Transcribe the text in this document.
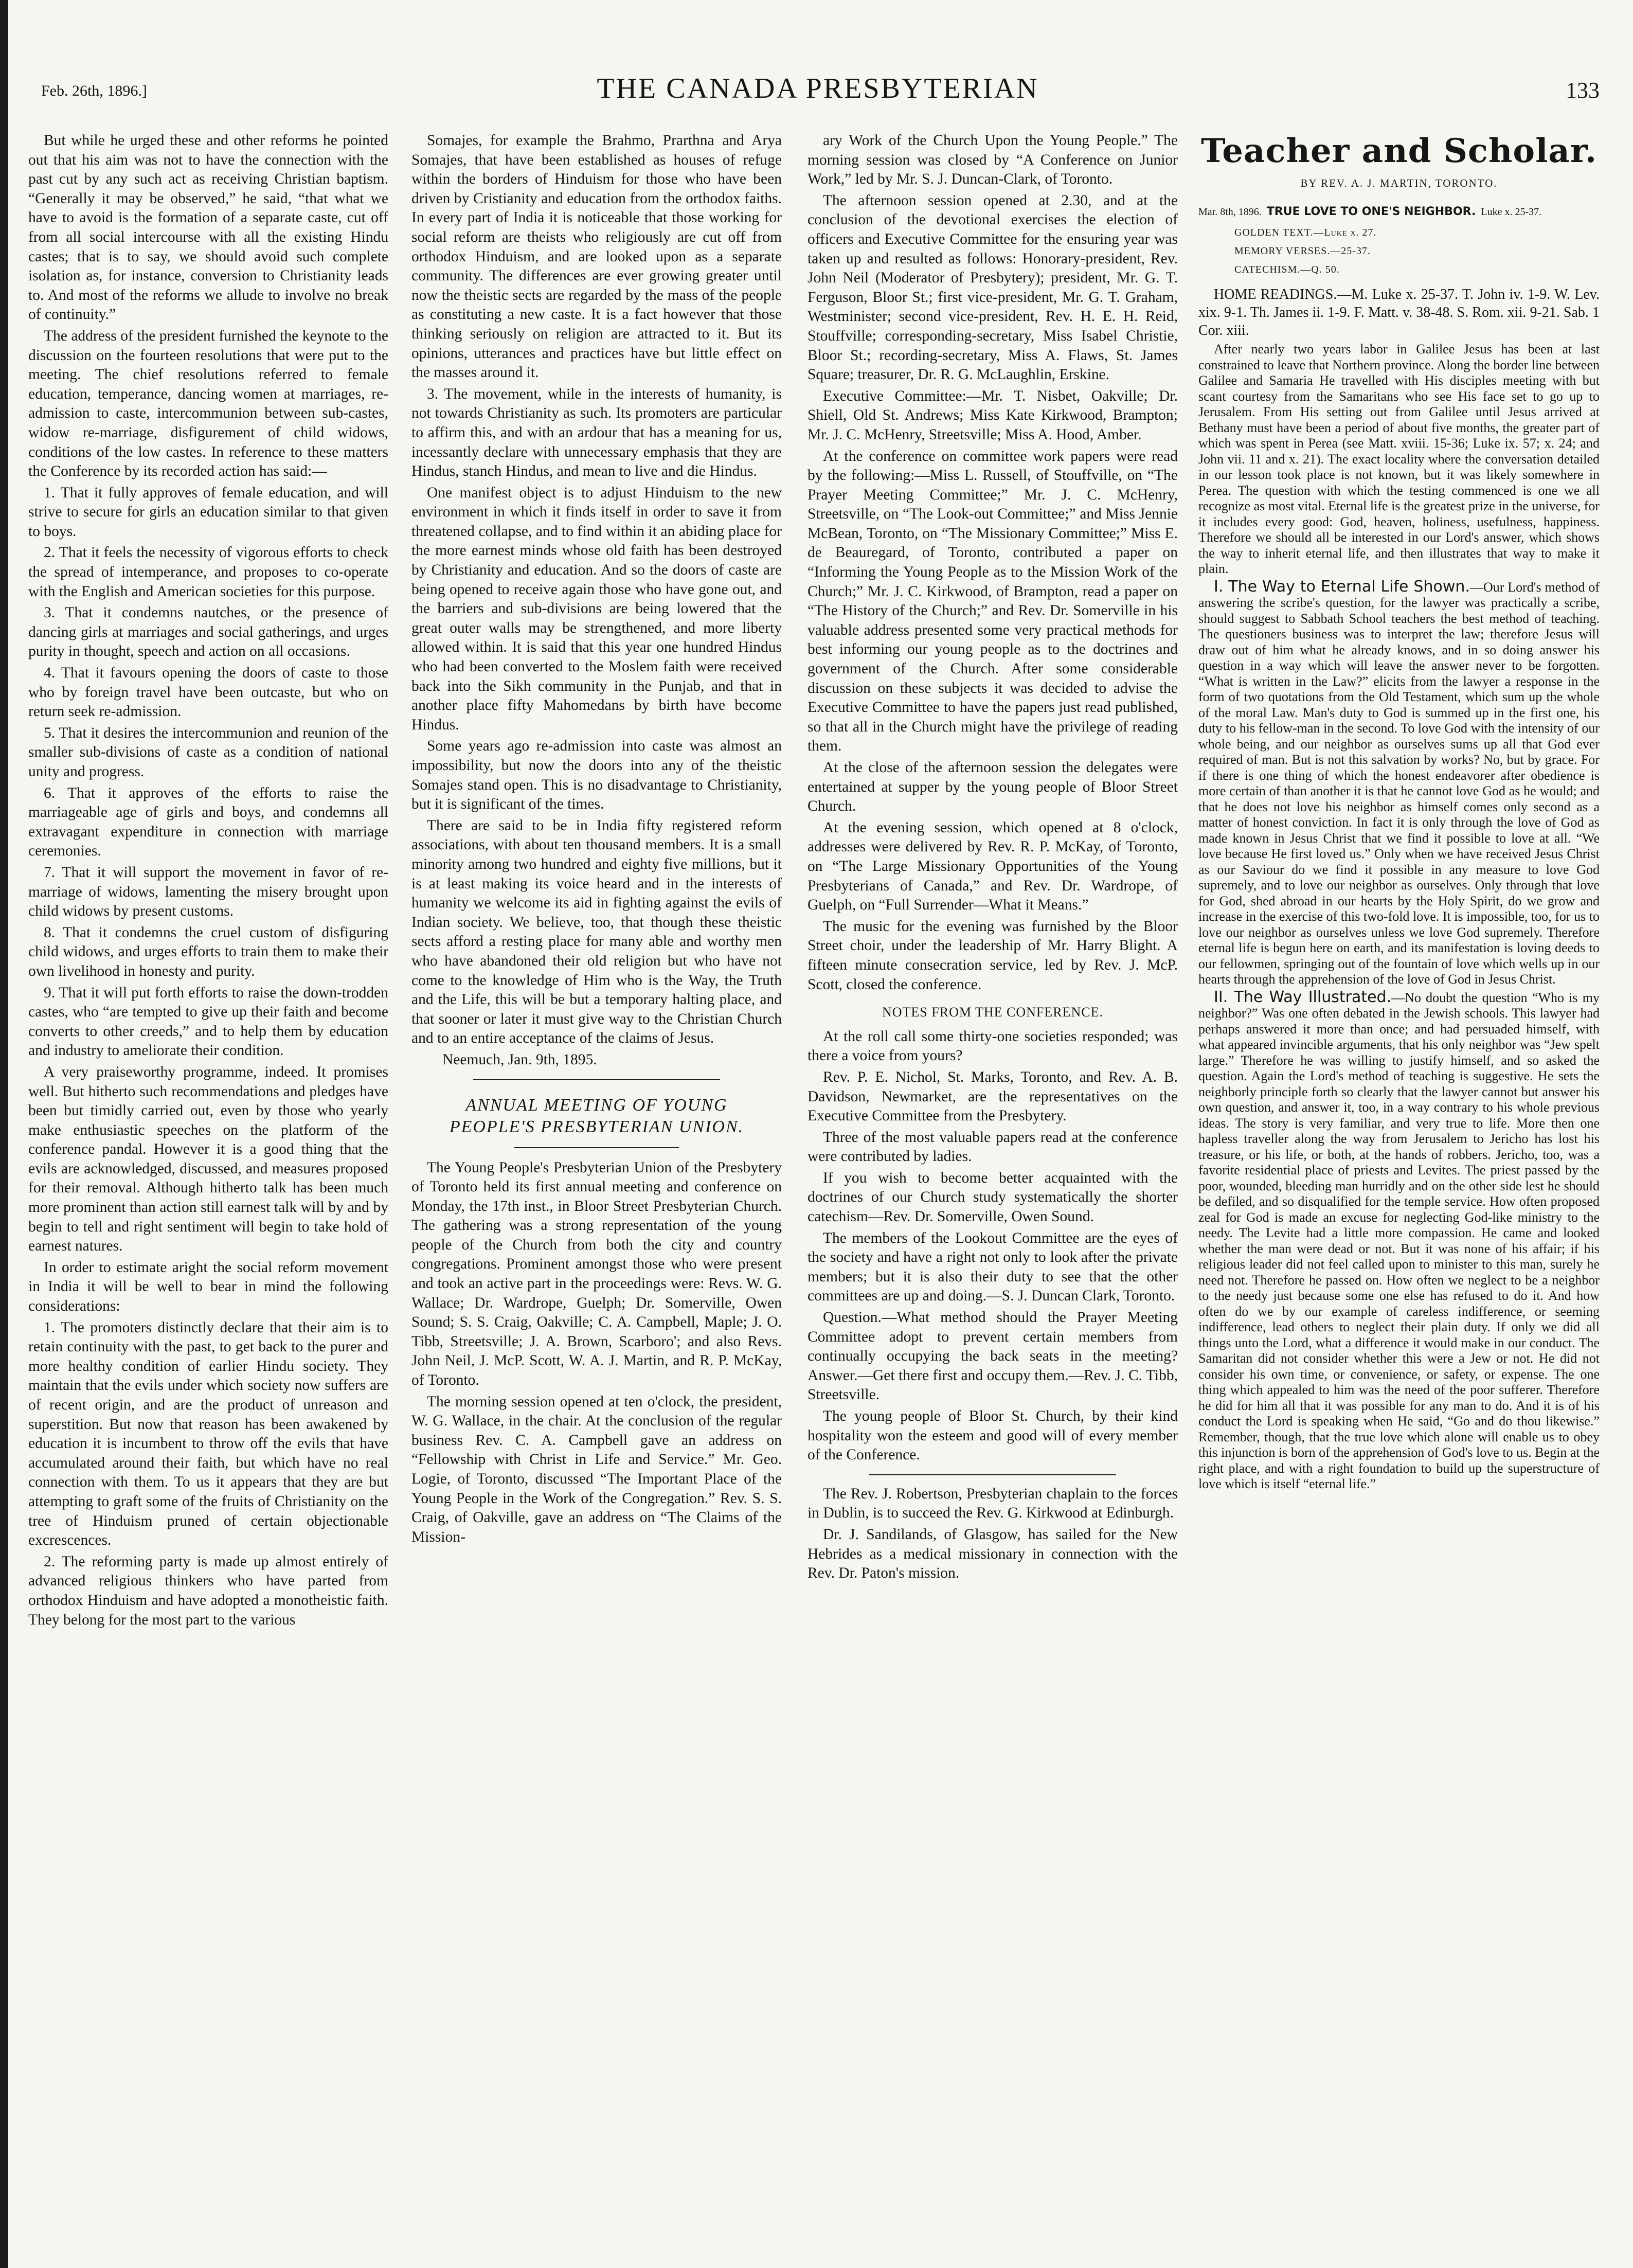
Feb. 26th, 1896.]	THE CANADA PRESBYTERIAN	133

But while he urged these and other reforms he pointed out that his aim was not to have the connection with the past cut by any such act as receiving Christian baptism. “Generally it may be observed,” he said, “that what we have to avoid is the formation of a separate caste, cut off from all social intercourse with all the existing Hindu castes; that is to say, we should avoid such complete isolation as, for instance, conversion to Christianity leads to. And most of the reforms we allude to involve no break of continuity.”

The address of the president furnished the keynote to the discussion on the fourteen resolutions that were put to the meeting. The chief resolutions referred to female education, temperance, dancing women at marriages, re-admission to caste, intercommunion between sub-castes, widow re-marriage, disfigurement of child widows, conditions of the low castes. In reference to these matters the Conference by its recorded action has said:—

1. That it fully approves of female education, and will strive to secure for girls an education similar to that given to boys.

2. That it feels the necessity of vigorous efforts to check the spread of intemperance, and proposes to co-operate with the English and American societies for this purpose.

3. That it condemns nautches, or the presence of dancing girls at marriages and social gatherings, and urges purity in thought, speech and action on all occasions.

4. That it favours opening the doors of caste to those who by foreign travel have been outcaste, but who on return seek re-admission.

5. That it desires the intercommunion and reunion of the smaller sub-divisions of caste as a condition of national unity and progress.

6. That it approves of the efforts to raise the marriageable age of girls and boys, and condemns all extravagant expenditure in connection with marriage ceremonies.

7. That it will support the movement in favor of re-marriage of widows, lamenting the misery brought upon child widows by present customs.

8. That it condemns the cruel custom of disfiguring child widows, and urges efforts to train them to make their own livelihood in honesty and purity.

9. That it will put forth efforts to raise the down-trodden castes, who “are tempted to give up their faith and become converts to other creeds,” and to help them by education and industry to ameliorate their condition.

A very praiseworthy programme, indeed. It promises well. But hitherto such recommendations and pledges have been but timidly carried out, even by those who yearly make enthusiastic speeches on the platform of the conference pandal. However it is a good thing that the evils are acknowledged, discussed, and measures proposed for their removal. Although hitherto talk has been much more prominent than action still earnest talk will by and by begin to tell and right sentiment will begin to take hold of earnest natures.

In order to estimate aright the social reform movement in India it will be well to bear in mind the following considerations:

1. The promoters distinctly declare that their aim is to retain continuity with the past, to get back to the purer and more healthy condition of earlier Hindu society. They maintain that the evils under which society now suffers are of recent origin, and are the product of unreason and superstition. But now that reason has been awakened by education it is incumbent to throw off the evils that have accumulated around their faith, but which have no real connection with them. To us it appears that they are but attempting to graft some of the fruits of Christianity on the tree of Hinduism pruned of certain objectionable excrescences.

2. The reforming party is made up almost entirely of advanced religious thinkers who have parted from orthodox Hinduism and have adopted a monotheistic faith. They belong for the most part to the various

Somajes, for example the Brahmo, Prarthna and Arya Somajes, that have been established as houses of refuge within the borders of Hinduism for those who have been driven by Cristianity and education from the orthodox faiths. In every part of India it is noticeable that those working for social reform are theists who religiously are cut off from orthodox Hinduism, and are looked upon as a separate community. The differences are ever growing greater until now the theistic sects are regarded by the mass of the people as constituting a new caste. It is a fact however that those thinking seriously on religion are attracted to it. But its opinions, utterances and practices have but little effect on the masses around it.

3. The movement, while in the interests of humanity, is not towards Christianity as such. Its promoters are particular to affirm this, and with an ardour that has a meaning for us, incessantly declare with unnecessary emphasis that they are Hindus, stanch Hindus, and mean to live and die Hindus.

One manifest object is to adjust Hinduism to the new environment in which it finds itself in order to save it from threatened collapse, and to find within it an abiding place for the more earnest minds whose old faith has been destroyed by Christianity and education. And so the doors of caste are being opened to receive again those who have gone out, and the barriers and sub-divisions are being lowered that the great outer walls may be strengthened, and more liberty allowed within. It is said that this year one hundred Hindus who had been converted to the Moslem faith were received back into the Sikh community in the Punjab, and that in another place fifty Mahomedans by birth have become Hindus.

Some years ago re-admission into caste was almost an impossibility, but now the doors into any of the theistic Somajes stand open. This is no disadvantage to Christianity, but it is significant of the times.

There are said to be in India fifty registered reform associations, with about ten thousand members. It is a small minority among two hundred and eighty five millions, but it is at least making its voice heard and in the interests of humanity we welcome its aid in fighting against the evils of Indian society. We believe, too, that though these theistic sects afford a resting place for many able and worthy men who have abandoned their old religion but who have not come to the knowledge of Him who is the Way, the Truth and the Life, this will be but a temporary halting place, and that sooner or later it must give way to the Christian Church and to an entire acceptance of the claims of Jesus.

Neemuch, Jan. 9th, 1895.

ANNUAL MEETING OF YOUNG PEOPLE'S PRESBYTERIAN UNION.

The Young People's Presbyterian Union of the Presbytery of Toronto held its first annual meeting and conference on Monday, the 17th inst., in Bloor Street Presbyterian Church. The gathering was a strong representation of the young people of the Church from both the city and country congregations. Prominent amongst those who were present and took an active part in the proceedings were: Revs. W. G. Wallace; Dr. Wardrope, Guelph; Dr. Somerville, Owen Sound; S. S. Craig, Oakville; C. A. Campbell, Maple; J. O. Tibb, Streetsville; J. A. Brown, Scarboro'; and also Revs. John Neil, J. McP. Scott, W. A. J. Martin, and R. P. McKay, of Toronto.

The morning session opened at ten o'clock, the president, W. G. Wallace, in the chair. At the conclusion of the regular business Rev. C. A. Campbell gave an address on “Fellowship with Christ in Life and Service.” Mr. Geo. Logie, of Toronto, discussed “The Important Place of the Young People in the Work of the Congregation.” Rev. S. S. Craig, of Oakville, gave an address on “The Claims of the Mission-

ary Work of the Church Upon the Young People.” The morning session was closed by “A Conference on Junior Work,” led by Mr. S. J. Duncan-Clark, of Toronto.

The afternoon session opened at 2.30, and at the conclusion of the devotional exercises the election of officers and Executive Committee for the ensuring year was taken up and resulted as follows: Honorary-president, Rev. John Neil (Moderator of Presbytery); president, Mr. G. T. Ferguson, Bloor St.; first vice-president, Mr. G. T. Graham, Westminister; second vice-president, Rev. H. E. H. Reid, Stouffville; corresponding-secretary, Miss Isabel Christie, Bloor St.; recording-secretary, Miss A. Flaws, St. James Square; treasurer, Dr. R. G. McLaughlin, Erskine.

Executive Committee:—Mr. T. Nisbet, Oakville; Dr. Shiell, Old St. Andrews; Miss Kate Kirkwood, Brampton; Mr. J. C. McHenry, Streetsville; Miss A. Hood, Amber.

At the conference on committee work papers were read by the following:—Miss L. Russell, of Stouffville, on “The Prayer Meeting Committee;” Mr. J. C. McHenry, Streetsville, on “The Look-out Committee;” and Miss Jennie McBean, Toronto, on “The Missionary Committee;” Miss E. de Beauregard, of Toronto, contributed a paper on “Informing the Young People as to the Mission Work of the Church;” Mr. J. C. Kirkwood, of Brampton, read a paper on “The History of the Church;” and Rev. Dr. Somerville in his valuable address presented some very practical methods for best informing our young people as to the doctrines and government of the Church. After some considerable discussion on these subjects it was decided to advise the Executive Committee to have the papers just read published, so that all in the Church might have the privilege of reading them.

At the close of the afternoon session the delegates were entertained at supper by the young people of Bloor Street Church.

At the evening session, which opened at 8 o'clock, addresses were delivered by Rev. R. P. McKay, of Toronto, on “The Large Missionary Opportunities of the Young Presbyterians of Canada,” and Rev. Dr. Wardrope, of Guelph, on “Full Surrender—What it Means.”

The music for the evening was furnished by the Bloor Street choir, under the leadership of Mr. Harry Blight. A fifteen minute consecration service, led by Rev. J. McP. Scott, closed the conference.

NOTES FROM THE CONFERENCE.

At the roll call some thirty-one societies responded; was there a voice from yours?

Rev. P. E. Nichol, St. Marks, Toronto, and Rev. A. B. Davidson, Newmarket, are the representatives on the Executive Committee from the Presbytery.

Three of the most valuable papers read at the conference were contributed by ladies.

If you wish to become better acquainted with the doctrines of our Church study systematically the shorter catechism—Rev. Dr. Somerville, Owen Sound.

The members of the Lookout Committee are the eyes of the society and have a right not only to look after the private members; but it is also their duty to see that the other committees are up and doing.—S. J. Duncan Clark, Toronto.

Question.—What method should the Prayer Meeting Committee adopt to prevent certain members from continually occupying the back seats in the meeting? Answer.—Get there first and occupy them.—Rev. J. C. Tibb, Streetsville.

The young people of Bloor St. Church, by their kind hospitality won the esteem and good will of every member of the Conference.

The Rev. J. Robertson, Presbyterian chaplain to the forces in Dublin, is to succeed the Rev. G. Kirkwood at Edinburgh.

Dr. J. Sandilands, of Glasgow, has sailed for the New Hebrides as a medical missionary in connection with the Rev. Dr. Paton's mission.

Teacher and Scholar.

BY REV. A. J. MARTIN, TORONTO.

Mar. 8th, 1896. TRUE LOVE TO ONE'S NEIGHBOR. Luke x. 25-37.

GOLDEN TEXT.—Luke x. 27.

MEMORY VERSES.—25-37.

CATECHISM.—Q. 50.

HOME READINGS.—M. Luke x. 25-37. T. John iv. 1-9. W. Lev. xix. 9-1. Th. James ii. 1-9. F. Matt. v. 38-48. S. Rom. xii. 9-21. Sab. 1 Cor. xiii.

After nearly two years labor in Galilee Jesus has been at last constrained to leave that Northern province. Along the border line between Galilee and Samaria He travelled with His disciples meeting with but scant courtesy from the Samaritans who see His face set to go up to Jerusalem. From His setting out from Galilee until Jesus arrived at Bethany must have been a period of about five months, the greater part of which was spent in Perea (see Matt. xviii. 15-36; Luke ix. 57; x. 24; and John vii. 11 and x. 21). The exact locality where the conversation detailed in our lesson took place is not known, but it was likely somewhere in Perea. The question with which the testing commenced is one we all recognize as most vital. Eternal life is the greatest prize in the universe, for it includes every good: God, heaven, holiness, usefulness, happiness. Therefore we should all be interested in our Lord's answer, which shows the way to inherit eternal life, and then illustrates that way to make it plain.

I. The Way to Eternal Life Shown.—Our Lord's method of answering the scribe's question, for the lawyer was practically a scribe, should suggest to Sabbath School teachers the best method of teaching. The questioners business was to interpret the law; therefore Jesus will draw out of him what he already knows, and in so doing answer his question in a way which will leave the answer never to be forgotten. “What is written in the Law?” elicits from the lawyer a response in the form of two quotations from the Old Testament, which sum up the whole of the moral Law. Man's duty to God is summed up in the first one, his duty to his fellow-man in the second. To love God with the intensity of our whole being, and our neighbor as ourselves sums up all that God ever required of man. But is not this salvation by works? No, but by grace. For if there is one thing of which the honest endeavorer after obedience is more certain of than another it is that he cannot love God as he would; and that he does not love his neighbor as himself comes only second as a matter of honest conviction. In fact it is only through the love of God as made known in Jesus Christ that we find it possible to love at all. “We love because He first loved us.” Only when we have received Jesus Christ as our Saviour do we find it possible in any measure to love God supremely, and to love our neighbor as ourselves. Only through that love for God, shed abroad in our hearts by the Holy Spirit, do we grow and increase in the exercise of this two-fold love. It is impossible, too, for us to love our neighbor as ourselves unless we love God supremely. Therefore eternal life is begun here on earth, and its manifestation is loving deeds to our fellowmen, springing out of the fountain of love which wells up in our hearts through the apprehension of the love of God in Jesus Christ.

II. The Way Illustrated.—No doubt the question “Who is my neighbor?” Was one often debated in the Jewish schools. This lawyer had perhaps answered it more than once; and had persuaded himself, with what appeared invincible arguments, that his only neighbor was “Jew spelt large.” Therefore he was willing to justify himself, and so asked the question. Again the Lord's method of teaching is suggestive. He sets the neighborly principle forth so clearly that the lawyer cannot but answer his own question, and answer it, too, in a way contrary to his whole previous ideas. The story is very familiar, and very true to life. More then one hapless traveller along the way from Jerusalem to Jericho has lost his treasure, or his life, or both, at the hands of robbers. Jericho, too, was a favorite residential place of priests and Levites. The priest passed by the poor, wounded, bleeding man hurridly and on the other side lest he should be defiled, and so disqualified for the temple service. How often proposed zeal for God is made an excuse for neglecting God-like ministry to the needy. The Levite had a little more compassion. He came and looked whether the man were dead or not. But it was none of his affair; if his religious leader did not feel called upon to minister to this man, surely he need not. Therefore he passed on. How often we neglect to be a neighbor to the needy just because some one else has refused to do it. And how often do we by our example of careless indifference, or seeming indifference, lead others to neglect their plain duty. If only we did all things unto the Lord, what a difference it would make in our conduct. The Samaritan did not consider whether this were a Jew or not. He did not consider his own time, or convenience, or safety, or expense. The one thing which appealed to him was the need of the poor sufferer. Therefore he did for him all that it was possible for any man to do. And it is of his conduct the Lord is speaking when He said, “Go and do thou likewise.” Remember, though, that the true love which alone will enable us to obey this injunction is born of the apprehension of God's love to us. Begin at the right place, and with a right foundation to build up the superstructure of love which is itself “eternal life.”
